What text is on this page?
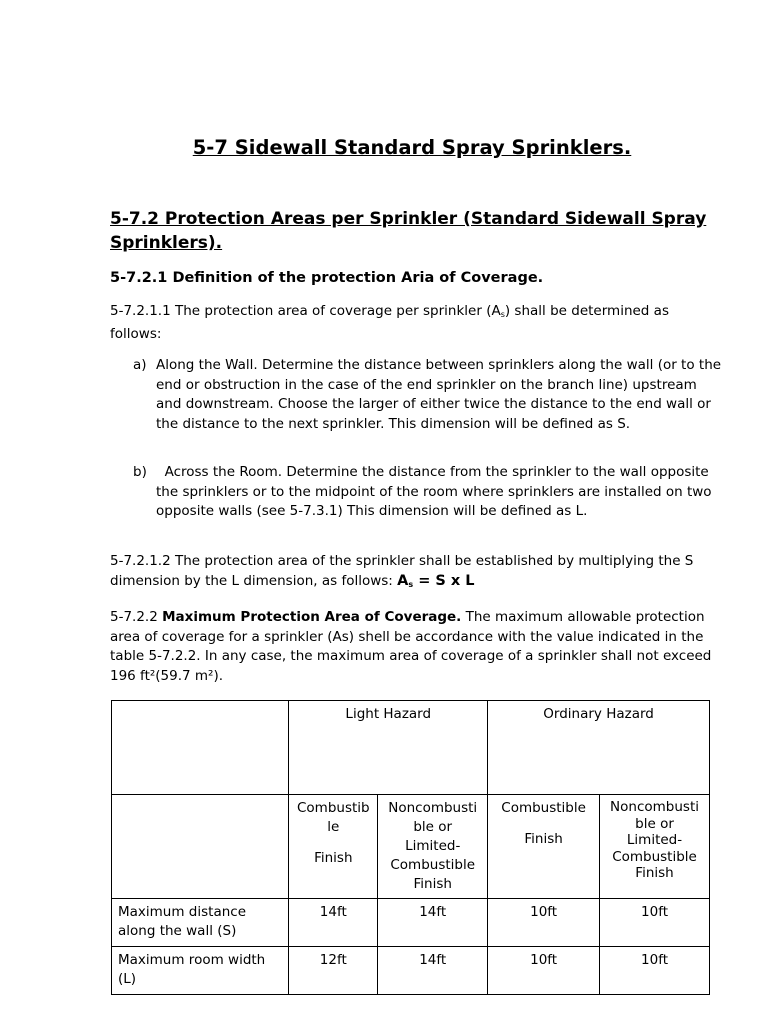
5-7 Sidewall Standard Spray Sprinklers.
5-7.2 Protection Areas per Sprinkler (Standard Sidewall Spray Sprinklers).
5-7.2.1 Definition of the protection Aria of Coverage.
5-7.2.1.1 The protection area of coverage per sprinkler $(A_s)$ shall be determined as follows:
a) Along the Wall. Determine the distance between sprinklers along the wall (or to the end or obstruction in the case of the end sprinkler on the branch line) upstream and downstream. Choose the larger of either twice the distance to the end wall or the distance to the next sprinkler. This dimension will be defined as S.
b) Across the Room. Determine the distance from the sprinkler to the wall opposite the sprinklers or to the midpoint of the room where sprinklers are installed on two opposite walls (see 5-7.3.1) This dimension will be defined as L.
5-7.2.1.2 The protection area of the sprinkler shall be established by multiplying the S dimension by the L dimension, as follows: $A_s = S$ x L
5-7.2.2 Maximum Protection Area of Coverage. The maximum allowable protection area of coverage for a sprinkler (As) shell be accordance with the value indicated in the table 5-7.2.2. In any case, the maximum area of coverage of a sprinkler shall not exceed 196 ft²(59.7 m²).
	Light Hazard		Ordinary Hazard	

	Combustib
le
Finish	Noncombusti
ble or
Limited-
Combustible
Finish	Combustible
Finish	Noncombusti
ble or
Limited-
Combustible
Finish

Maximum distance along the wall (S)	14ft	14ft	10ft	10ft
Maximum room width (L)	12ft	14ft	10ft	10ft
